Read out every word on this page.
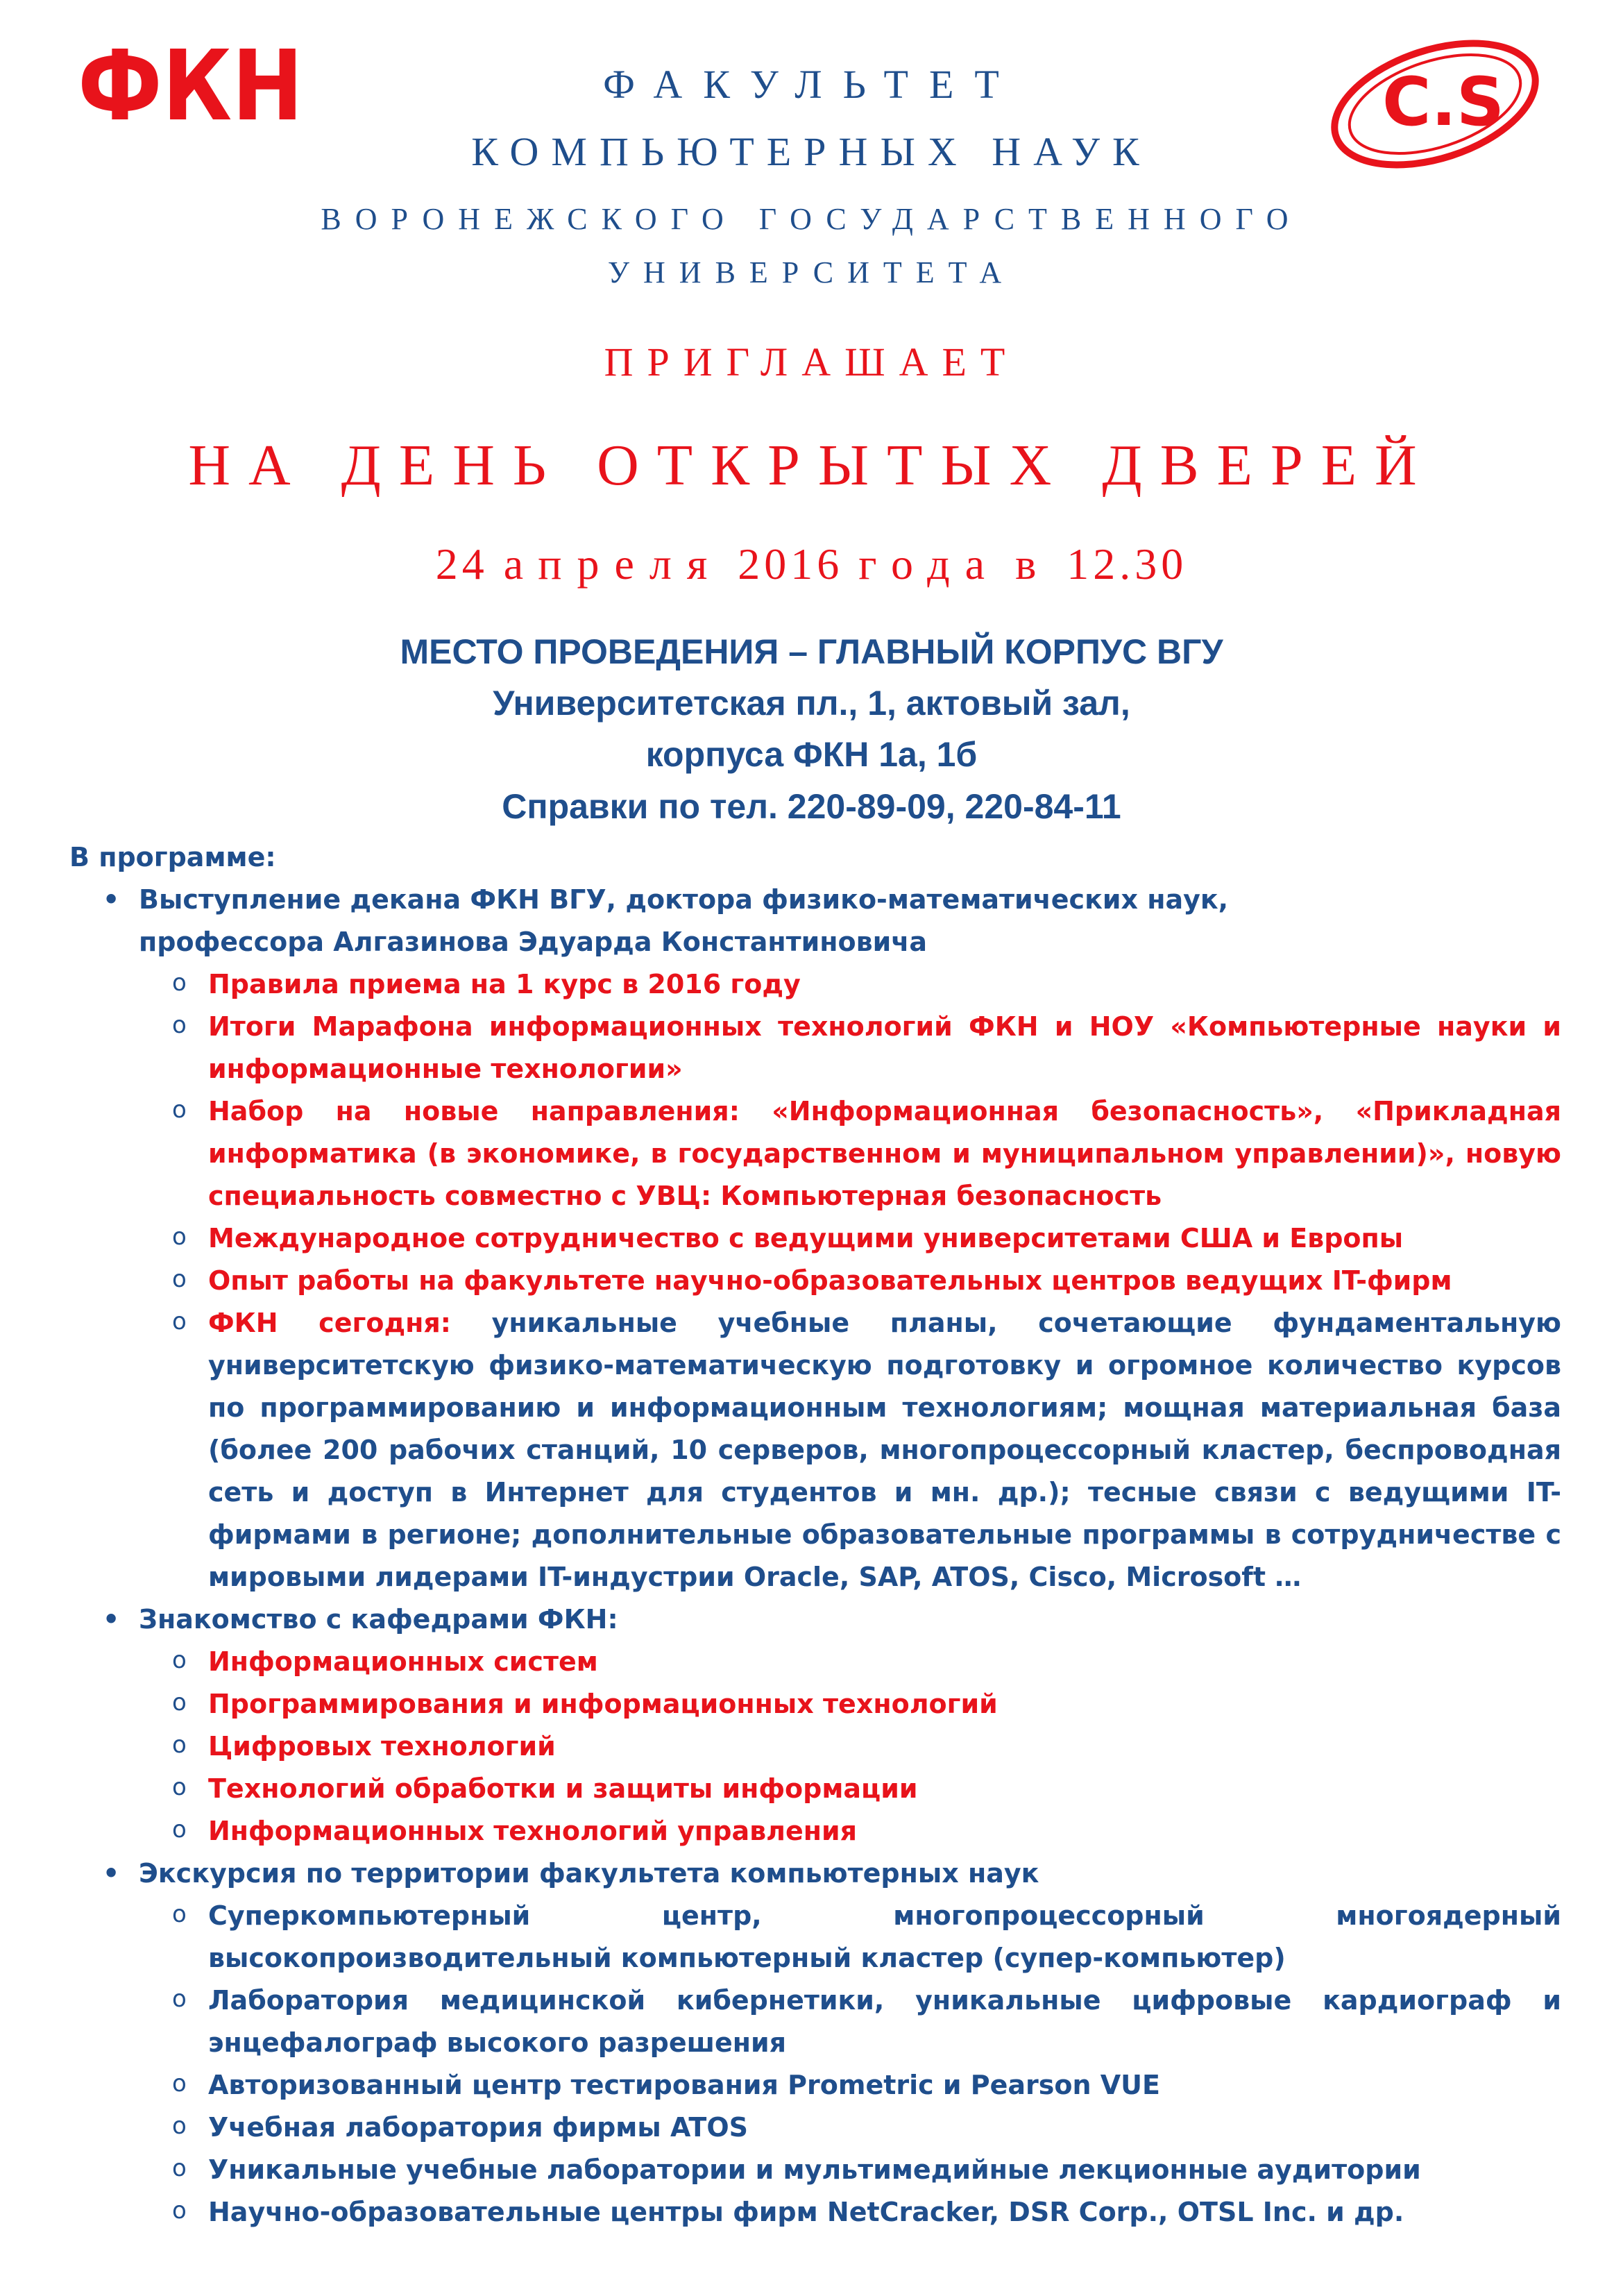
ФКН	C.S
ФАКУЛЬТЕТ
КОМПЬЮТЕРНЫХ НАУК
ВОРОНЕЖСКОГО ГОСУДАРСТВЕННОГО
УНИВЕРСИТЕТА
ПРИГЛАШАЕТ
НА ДЕНЬ ОТКРЫТЫХ ДВЕРЕЙ
24 апреля 2016 года в 12.30
МЕСТО ПРОВЕДЕНИЯ – ГЛАВНЫЙ КОРПУС ВГУ
Университетская пл., 1, актовый зал,
корпуса ФКН 1а, 1б
Справки по тел. 220-89-09, 220-84-11

В программе:

• Выступление декана ФКН ВГУ, доктора физико-математических наук,
профессора Алгазинова Эдуарда Константиновича
o Правила приема на 1 курс в 2016 году
o Итоги Марафона информационных технологий ФКН и НОУ «Компьютерные науки и информационные технологии»
o Набор на новые направления: «Информационная безопасность», «Прикладная информатика (в экономике, в государственном и муниципальном управлении)», новую специальность совместно с УВЦ: Компьютерная безопасность
o Международное сотрудничество с ведущими университетами США и Европы
o Опыт работы на факультете научно-образовательных центров ведущих IT-фирм
o ФКН сегодня: уникальные учебные планы, сочетающие фундаментальную университетскую физико-математическую подготовку и огромное количество курсов по программированию и информационным технологиям; мощная материальная база (более 200 рабочих станций, 10 серверов, многопроцессорный кластер, беспроводная сеть и доступ в Интернет для студентов и мн. др.); тесные связи с ведущими IT-фирмами в регионе; дополнительные образовательные программы в сотрудничестве с мировыми лидерами IT-индустрии Oracle, SAP, ATOS, Cisco, Microsoft …
• Знакомство с кафедрами ФКН:
o Информационных систем
o Программирования и информационных технологий
o Цифровых технологий
o Технологий обработки и защиты информации
o Информационных технологий управления
• Экскурсия по территории факультета компьютерных наук
o Суперкомпьютерный центр, многопроцессорный многоядерный высокопроизводительный компьютерный кластер (супер-компьютер)
o Лаборатория медицинской кибернетики, уникальные цифровые кардиограф и энцефалограф высокого разрешения
o Авторизованный центр тестирования Prometric и Pearson VUE
o Учебная лаборатория фирмы ATOS
o Уникальные учебные лаборатории и мультимедийные лекционные аудитории
o Научно-образовательные центры фирм NetCracker, DSR Corp., OTSL Inc. и др.
